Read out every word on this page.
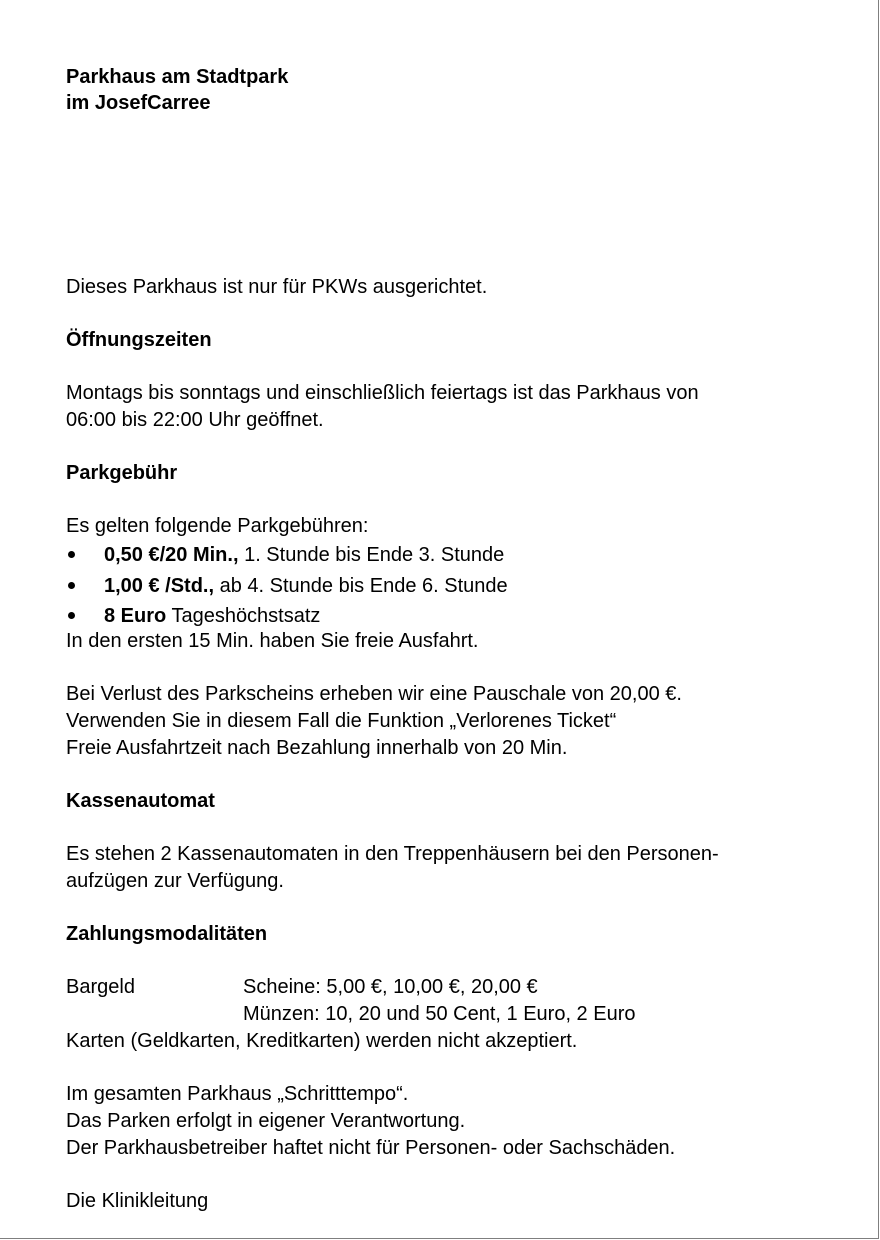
Parkhaus am Stadtpark

im JosefCarree

Dieses Parkhaus ist nur für PKWs ausgerichtet.

Öffnungszeiten

Montags bis sonntags und einschließlich feiertags ist das Parkhaus von

06:00 bis 22:00 Uhr geöffnet.

Parkgebühr

Es gelten folgende Parkgebühren:

0,50 €/20 Min., 1. Stunde bis Ende 3. Stunde
1,00 € /Std., ab 4. Stunde bis Ende 6. Stunde
8 Euro Tageshöchstsatz

In den ersten 15 Min. haben Sie freie Ausfahrt.

Bei Verlust des Parkscheins erheben wir eine Pauschale von 20,00 €.

Verwenden Sie in diesem Fall die Funktion „Verlorenes Ticket“

Freie Ausfahrtzeit nach Bezahlung innerhalb von 20 Min.

Kassenautomat

Es stehen 2 Kassenautomaten in den Treppenhäusern bei den Personen-

aufzügen zur Verfügung.

Zahlungsmodalitäten

Bargeld	Scheine: 5,00 €, 10,00 €, 20,00 €
Münzen: 10, 20 und 50 Cent, 1 Euro, 2 Euro

Karten (Geldkarten, Kreditkarten) werden nicht akzeptiert.

Im gesamten Parkhaus „Schritttempo“.

Das Parken erfolgt in eigener Verantwortung.

Der Parkhausbetreiber haftet nicht für Personen- oder Sachschäden.

Die Klinikleitung
